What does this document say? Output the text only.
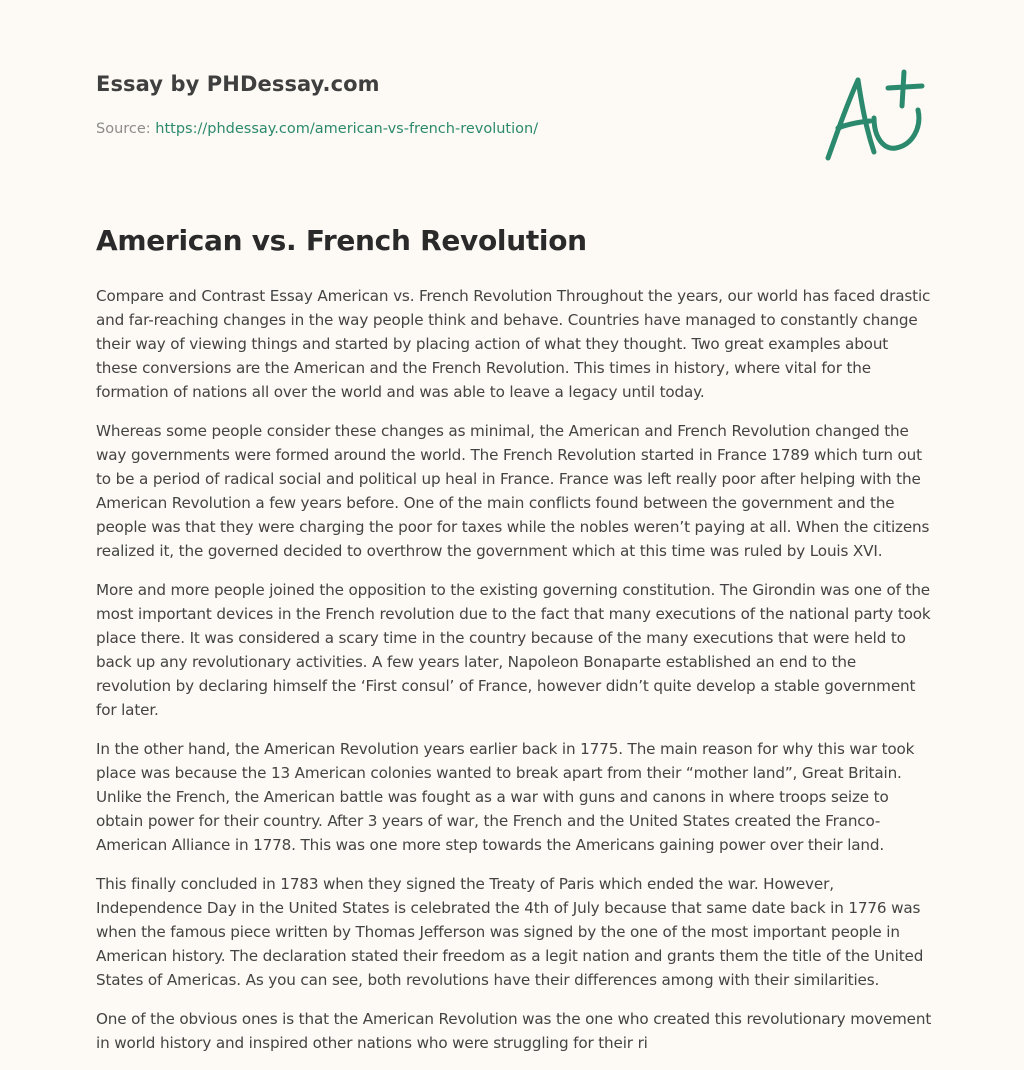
Essay by PHDessay.com
Source: https://phdessay.com/american-vs-french-revolution/
American vs. French Revolution

Compare and Contrast Essay American vs. French Revolution Throughout the years, our world has faced drastic and far-reaching changes in the way people think and behave. Countries have managed to constantly change their way of viewing things and started by placing action of what they thought. Two great examples about these conversions are the American and the French Revolution. This times in history, where vital for the formation of nations all over the world and was able to leave a legacy until today.

Whereas some people consider these changes as minimal, the American and French Revolution changed the way governments were formed around the world. The French Revolution started in France 1789 which turn out to be a period of radical social and political up heal in France. France was left really poor after helping with the American Revolution a few years before. One of the main conflicts found between the government and the people was that they were charging the poor for taxes while the nobles weren’t paying at all. When the citizens realized it, the governed decided to overthrow the government which at this time was ruled by Louis XVI.

More and more people joined the opposition to the existing governing constitution. The Girondin was one of the most important devices in the French revolution due to the fact that many executions of the national party took place there. It was considered a scary time in the country because of the many executions that were held to back up any revolutionary activities. A few years later, Napoleon Bonaparte established an end to the revolution by declaring himself the ‘First consul’ of France, however didn’t quite develop a stable government for later.

In the other hand, the American Revolution years earlier back in 1775. The main reason for why this war took place was because the 13 American colonies wanted to break apart from their “mother land”, Great Britain. Unlike the French, the American battle was fought as a war with guns and canons in where troops seize to obtain power for their country. After 3 years of war, the French and the United States created the Franco-American Alliance in 1778. This was one more step towards the Americans gaining power over their land.

This finally concluded in 1783 when they signed the Treaty of Paris which ended the war. However, Independence Day in the United States is celebrated the 4th of July because that same date back in 1776 was when the famous piece written by Thomas Jefferson was signed by the one of the most important people in American history. The declaration stated their freedom as a legit nation and grants them the title of the United States of Americas. As you can see, both revolutions have their differences among with their similarities.

One of the obvious ones is that the American Revolution was the one who created this revolutionary movement in world history and inspired other nations who were struggling for their ri
